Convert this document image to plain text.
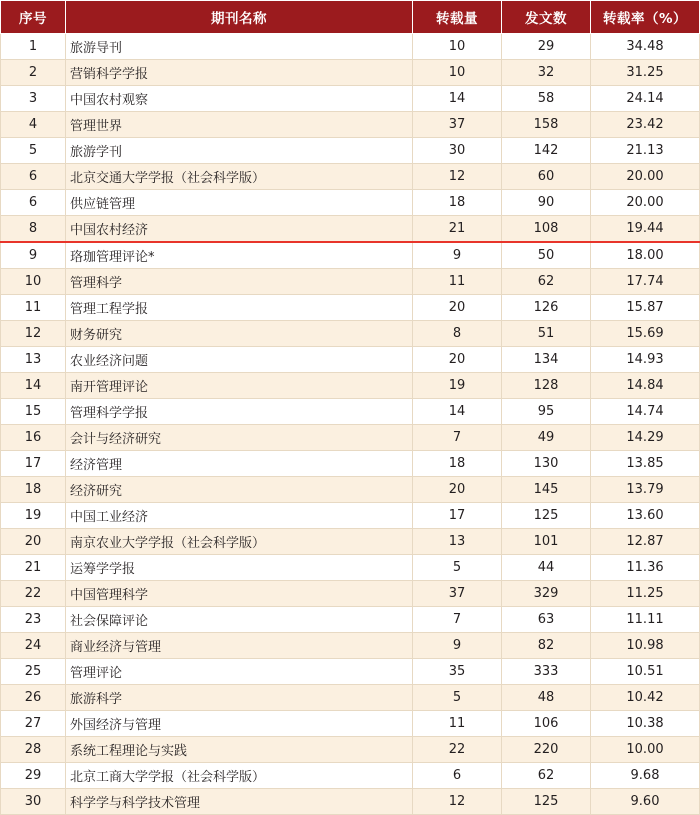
序号	期刊名称	转载量	发文数	转载率（%）
1	旅游导刊	10	29	34.48
2	营销科学学报	10	32	31.25
3	中国农村观察	14	58	24.14
4	管理世界	37	158	23.42
5	旅游学刊	30	142	21.13
6	北京交通大学学报（社会科学版）	12	60	20.00
6	供应链管理	18	90	20.00
8	中国农村经济	21	108	19.44
9	珞珈管理评论*	9	50	18.00
10	管理科学	11	62	17.74
11	管理工程学报	20	126	15.87
12	财务研究	8	51	15.69
13	农业经济问题	20	134	14.93
14	南开管理评论	19	128	14.84
15	管理科学学报	14	95	14.74
16	会计与经济研究	7	49	14.29
17	经济管理	18	130	13.85
18	经济研究	20	145	13.79
19	中国工业经济	17	125	13.60
20	南京农业大学学报（社会科学版）	13	101	12.87
21	运筹学学报	5	44	11.36
22	中国管理科学	37	329	11.25
23	社会保障评论	7	63	11.11
24	商业经济与管理	9	82	10.98
25	管理评论	35	333	10.51
26	旅游科学	5	48	10.42
27	外国经济与管理	11	106	10.38
28	系统工程理论与实践	22	220	10.00
29	北京工商大学学报（社会科学版）	6	62	9.68
30	科学学与科学技术管理	12	125	9.60
